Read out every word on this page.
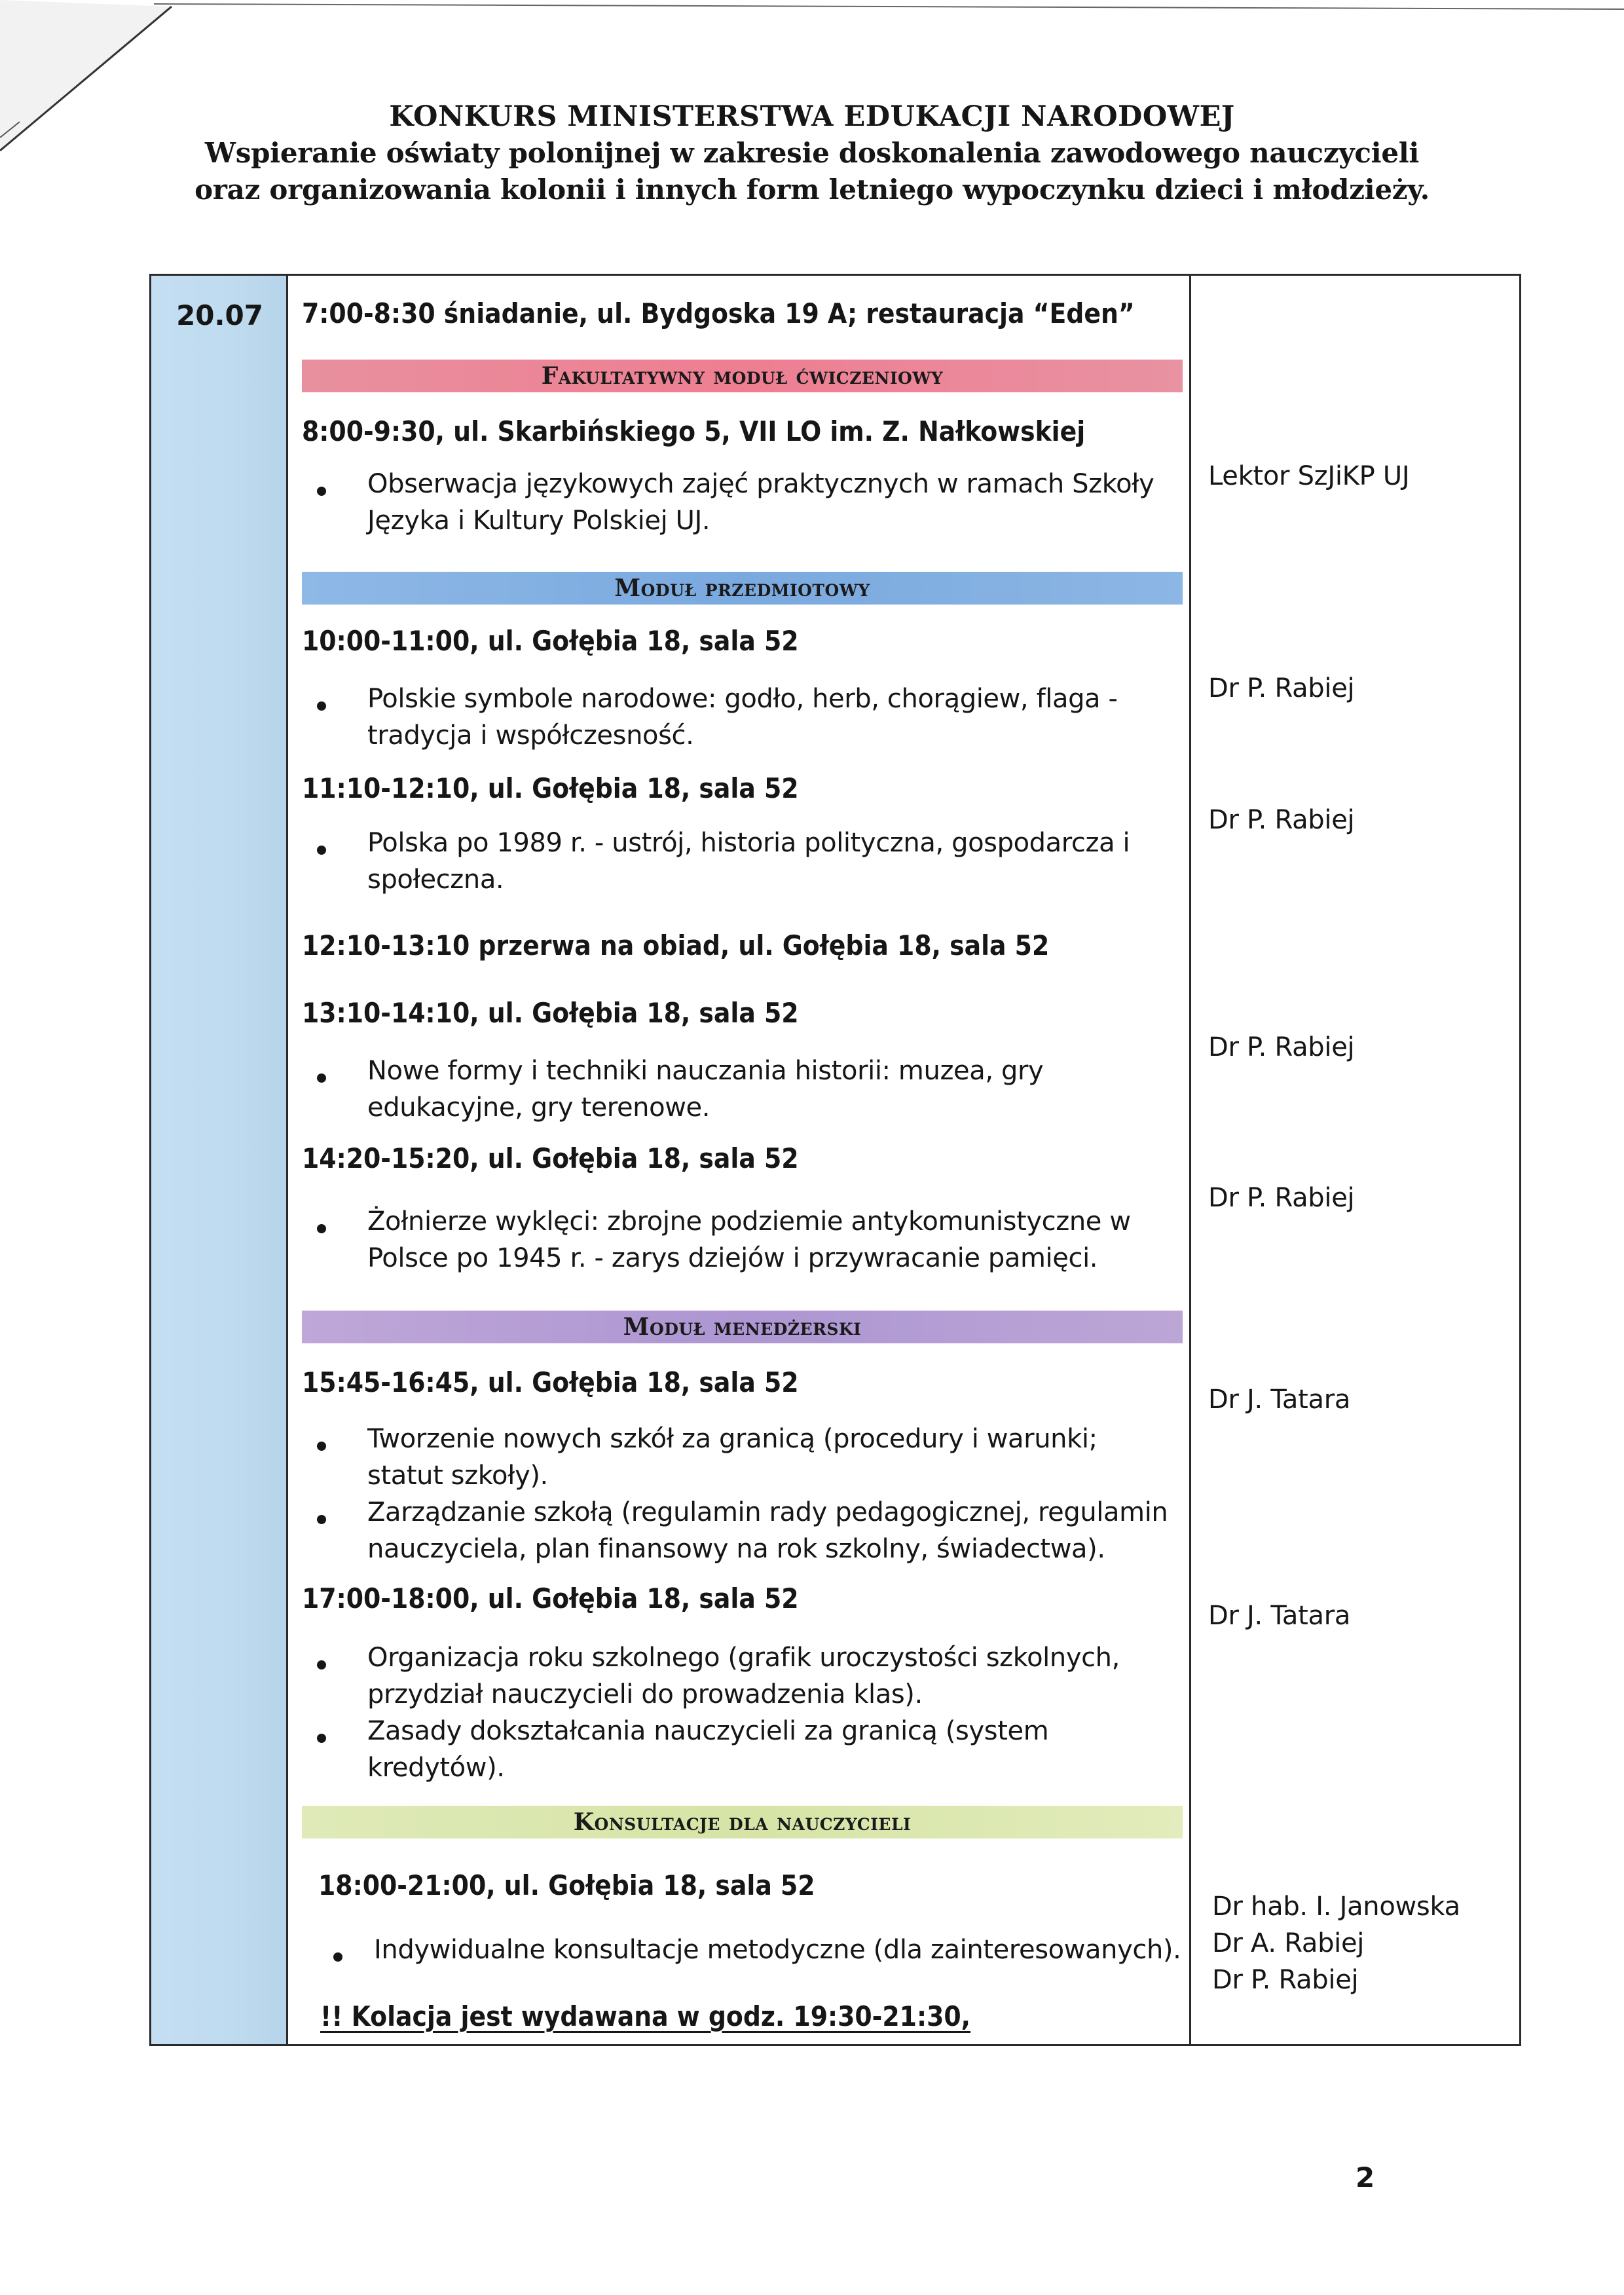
KONKURS MINISTERSTWA EDUKACJI NARODOWEJ
Wspieranie oświaty polonijnej w zakresie doskonalenia zawodowego nauczycieli
oraz organizowania kolonii i innych form letniego wypoczynku dzieci i młodzieży.
20.07	7:00-8:30 śniadanie, ul. Bydgoska 19 A; restauracja “Eden”
Fakultatywny moduł ćwiczeniowy
8:00-9:30, ul. Skarbińskiego 5, VII LO im. Z. Nałkowskiej
Obserwacja językowych zajęć praktycznych w ramach Szkoły
Języka i Kultury Polskiej UJ.
Lektor SzJiKP UJ
Moduł przedmiotowy
10:00-11:00, ul. Gołębia 18, sala 52
Polskie symbole narodowe: godło, herb, chorągiew, flaga -
tradycja i współczesność.
Dr P. Rabiej
11:10-12:10, ul. Gołębia 18, sala 52
Polska po 1989 r. - ustrój, historia polityczna, gospodarcza i
społeczna.
Dr P. Rabiej
12:10-13:10 przerwa na obiad, ul. Gołębia 18, sala 52
13:10-14:10, ul. Gołębia 18, sala 52
Nowe formy i techniki nauczania historii: muzea, gry
edukacyjne, gry terenowe.
Dr P. Rabiej
14:20-15:20, ul. Gołębia 18, sala 52
Żołnierze wyklęci: zbrojne podziemie antykomunistyczne w
Polsce po 1945 r. - zarys dziejów i przywracanie pamięci.
Dr P. Rabiej
Moduł menedżerski
15:45-16:45, ul. Gołębia 18, sala 52
Tworzenie nowych szkół za granicą (procedury i warunki;
statut szkoły).
Zarządzanie szkołą (regulamin rady pedagogicznej, regulamin
nauczyciela, plan finansowy na rok szkolny, świadectwa).
Dr J. Tatara
17:00-18:00, ul. Gołębia 18, sala 52
Organizacja roku szkolnego (grafik uroczystości szkolnych,
przydział nauczycieli do prowadzenia klas).
Zasady dokształcania nauczycieli za granicą (system
kredytów).
Dr J. Tatara
Konsultacje dla nauczycieli
18:00-21:00, ul. Gołębia 18, sala 52
Indywidualne konsultacje metodyczne (dla zainteresowanych).
Dr hab. I. Janowska
Dr A. Rabiej
Dr P. Rabiej
!! Kolacja jest wydawana w godz. 19:30-21:30,
2
